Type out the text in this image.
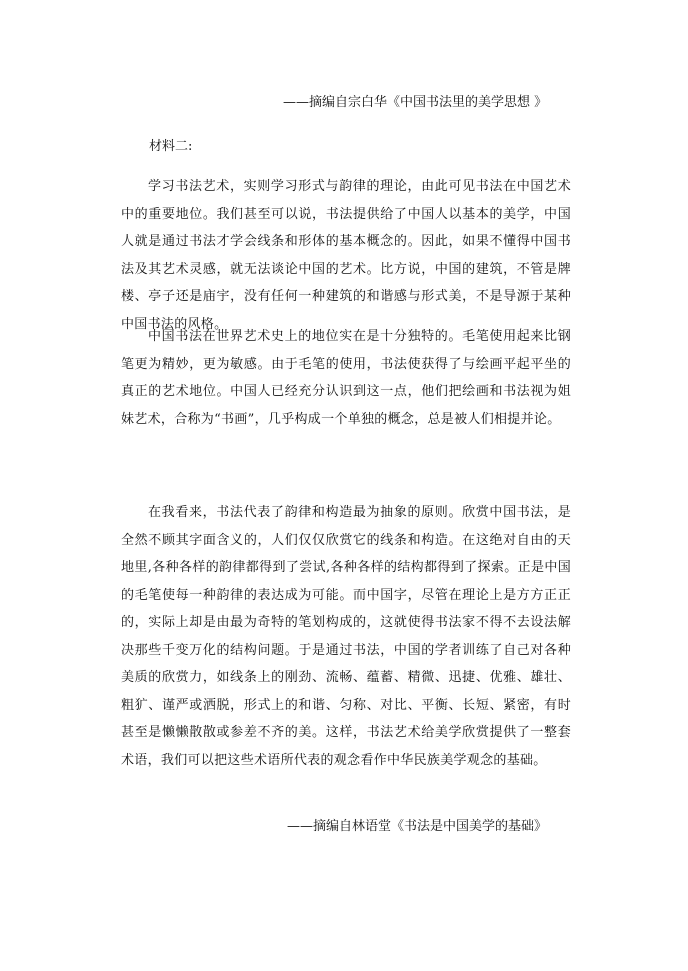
——摘编自宗白华《中国书法里的美学思想 》
材料二:

学习书法艺术，实则学习形式与韵律的理论，由此可见书法在中国艺术中的重要地位。我们甚至可以说，书法提供给了中国人以基本的美学，中国人就是通过书法才学会线条和形体的基本概念的。因此，如果不懂得中国书法及其艺术灵感，就无法谈论中国的艺术。比方说，中国的建筑，不管是牌楼、亭子还是庙宇，没有任何一种建筑的和谐感与形式美，不是导源于某种中国书法的风格。

中国书法在世界艺术史上的地位实在是十分独特的。毛笔使用起来比钢笔更为精妙，更为敏感。由于毛笔的使用，书法使获得了与绘画平起平坐的真正的艺术地位。中国人已经充分认识到这一点，他们把绘画和书法视为姐妹艺术，合称为“书画”，几乎构成一个单独的概念，总是被人们相提并论。

在我看来，书法代表了韵律和构造最为抽象的原则。欣赏中国书法，是全然不顾其字面含义的，人们仅仅欣赏它的线条和构造。在这绝对自由的天地里,各种各样的韵律都得到了尝试,各种各样的结构都得到了探索。正是中国的毛笔使每一种韵律的表达成为可能。而中国字，尽管在理论上是方方正正的，实际上却是由最为奇特的笔划构成的，这就使得书法家不得不去设法解决那些千变万化的结构问题。于是通过书法，中国的学者训练了自己对各种美质的欣赏力，如线条上的刚劲、流畅、蕴蓄、精微、迅捷、优雅、雄壮、粗犷、谨严或洒脱，形式上的和谐、匀称、对比、平衡、长短、紧密，有时甚至是懒懒散散或参差不齐的美。这样，书法艺术给美学欣赏提供了一整套术语，我们可以把这些术语所代表的观念看作中华民族美学观念的基础。

——摘编自林语堂《书法是中国美学的基础》
